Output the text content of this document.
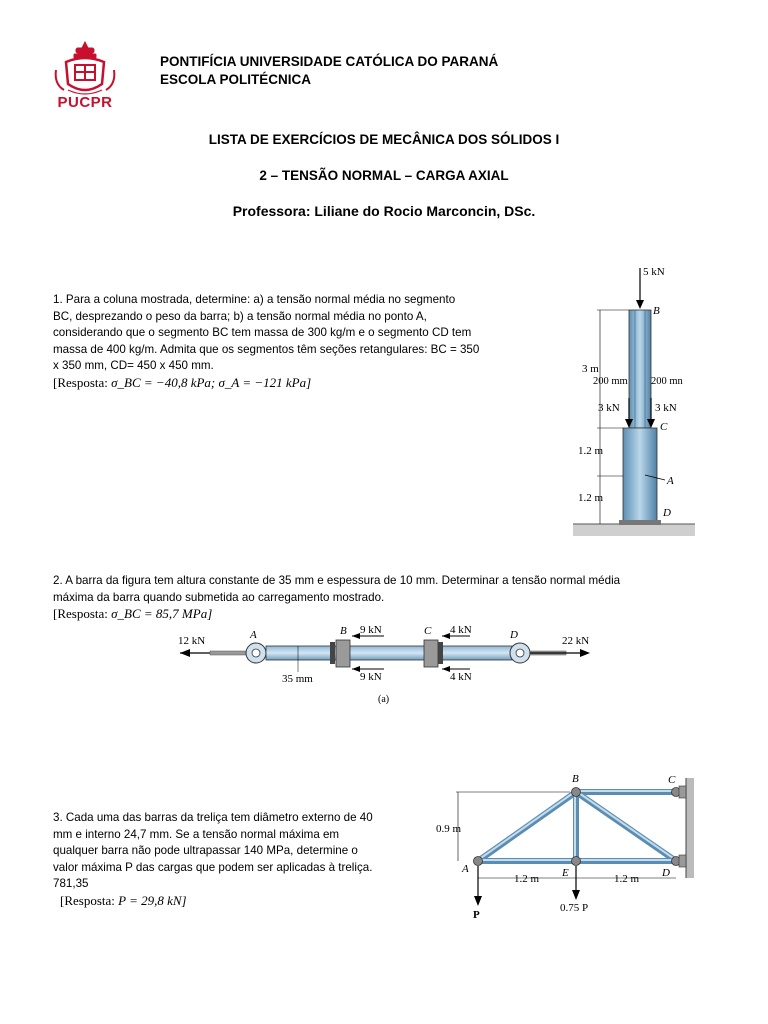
PUCPR
PONTIFÍCIA UNIVERSIDADE CATÓLICA DO PARANÁ
ESCOLA POLITÉCNICA
LISTA DE EXERCÍCIOS DE MECÂNICA DOS SÓLIDOS I
2 – TENSÃO NORMAL – CARGA AXIAL
Professora: Liliane do Rocio Marconcin, DSc.
1. Para a coluna mostrada, determine: a) a tensão normal média no segmento
BC, desprezando o peso da barra; b) a tensão normal média no ponto A,
considerando que o segmento BC tem massa de 300 kg/m e o segmento CD tem
massa de 400 kg/m. Admita que os segmentos têm seções retangulares: BC = 350
x 350 mm, CD= 450 x 450 mm.
[Resposta: σ_BC = −40,8 kPa; σ_A = −121 kPa]
5 kN
B
3 kN	3 kN
C
A
D
3 m
1.2 m
1.2 m
200 mm 200 mn
2. A barra da figura tem altura constante de 35 mm e espessura de 10 mm. Determinar a tensão normal média
máxima da barra quando submetida ao carregamento mostrado.
[Resposta: σ_BC = 85,7 MPa]
12 kN	A	B 9 kN
9 kN
C 4 kN
4 kN
D	22 kN
35 mm
(a)
3. Cada uma das barras da treliça tem diâmetro externo de 40
mm e interno 24,7 mm. Se a tensão normal máxima em
qualquer barra não pode ultrapassar 140 MPa, determine o
valor máxima P das cargas que podem ser aplicadas à treliça.
781,35
[Resposta: P = 29,8 kN]
B	C
A	E	D
0.9 m
1.2 m	1.2 m
P
0.75 P
